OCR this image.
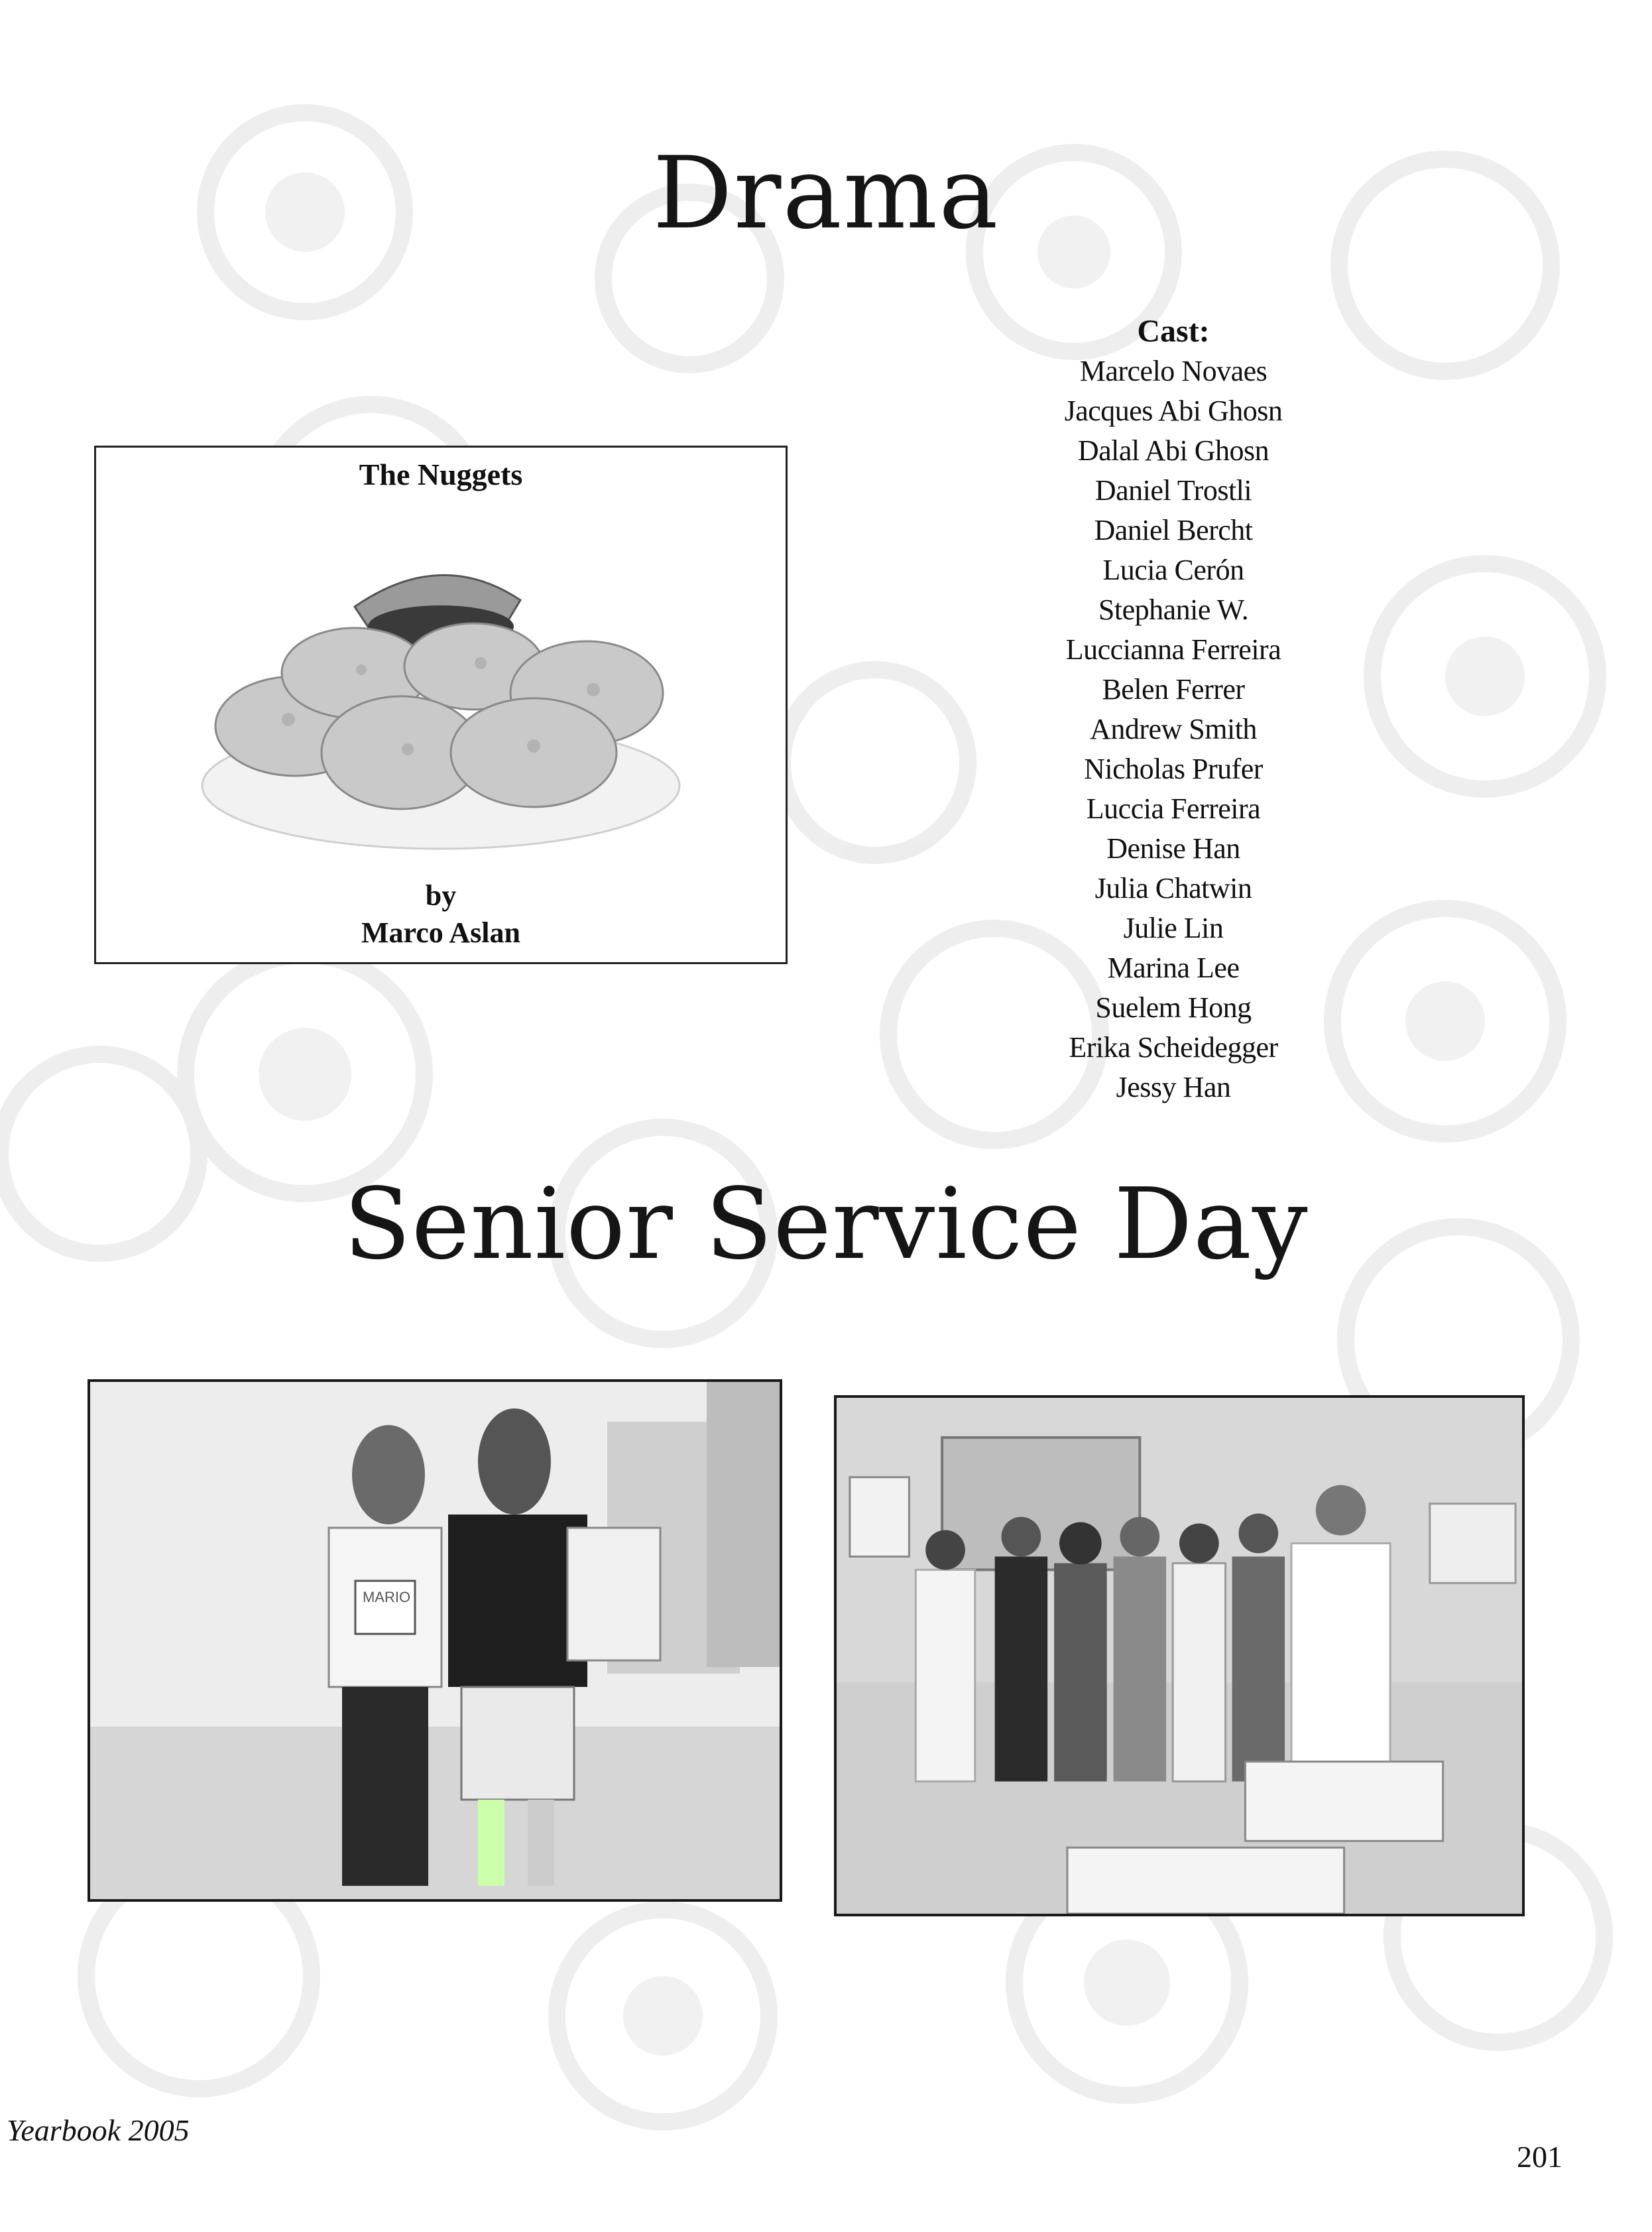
Drama
The Nuggets
by
Marco Aslan
Cast:
Marcelo Novaes
Jacques Abi Ghosn
Dalal Abi Ghosn
Daniel Trostli
Daniel Bercht
Lucia Cerón
Stephanie W.
Luccianna Ferreira
Belen Ferrer
Andrew Smith
Nicholas Prufer
Luccia Ferreira
Denise Han
Julia Chatwin
Julie Lin
Marina Lee
Suelem Hong
Erika Scheidegger
Jessy Han
Senior Service Day
MARIO
Yearbook 2005
201
